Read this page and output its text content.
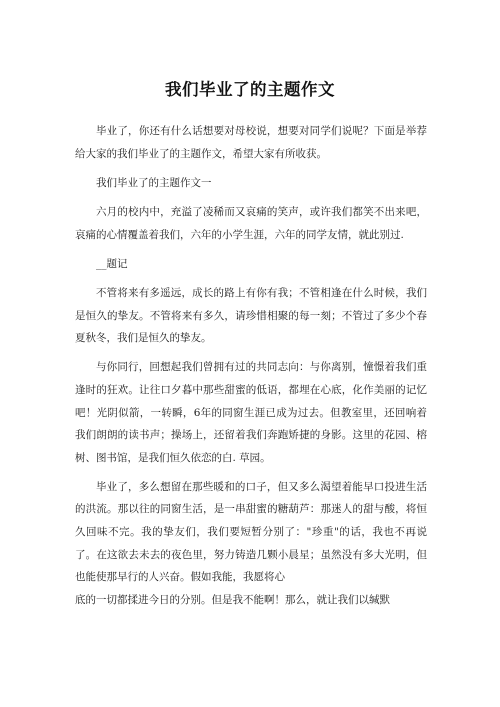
我们毕业了的主题作文

毕业了，你还有什么话想要对母校说，想要对同学们说呢？下面是举荐给大家的我们毕业了的主题作文，希望大家有所收获。

我们毕业了的主题作文一

六月的校内中，充溢了凌稀而又哀痛的笑声，或许我们都笑不出来吧，哀痛的心情覆盖着我们，六年的小学生涯，六年的同学友情，就此别过.

__题记

不管将来有多遥远，成长的路上有你有我；不管相逢在什么时候，我们是恒久的挚友。不管将来有多久，请珍惜相聚的每一刻；不管过了多少个春夏秋冬，我们是恒久的挚友。

与你同行，回想起我们曾拥有过的共同志向：与你离别，憧憬着我们重逢时的狂欢。让往口夕暮中那些甜蜜的低语，都埋在心底，化作美丽的记忆吧！光阴似箭，一转瞬，6年的同窗生涯已成为过去。但教室里，还回响着我们朗朗的读书声；操场上，还留着我们奔跑矫捷的身影。这里的花园、榕树、图书馆，是我们恒久依恋的白. 草园。

毕业了，多么想留在那些暖和的口子，但又多么渴望着能早口投进生活的洪流。那以往的同窗生活，是一串甜蜜的糖葫芦：那迷人的甜与酸，将恒久回味不完。我的挚友们，我们要短暂分别了："珍重"的话，我也不再说了。在这欲去未去的夜色里，努力铸造几颗小晨星；虽然没有多大光明，但也能使那早行的人兴奋。假如我能，我愿将心

底的一切都揉进今日的分别。但是我不能啊！那么，就让我们以缄默
